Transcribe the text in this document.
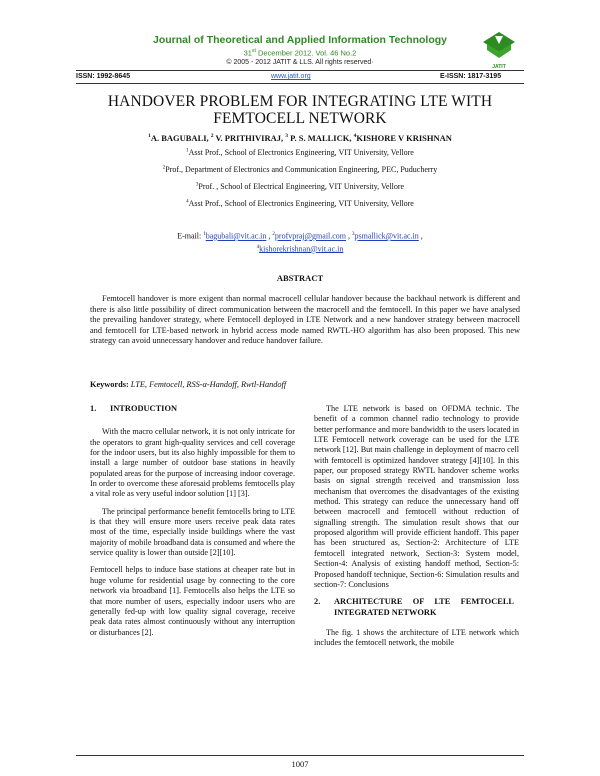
Journal of Theoretical and Applied Information Technology
31st December 2012. Vol. 46 No.2
© 2005 - 2012 JATIT & LLS. All rights reserved·
JATIT
ISSN: 1992-8645	www.jatit.org	E-ISSN: 1817-3195
HANDOVER PROBLEM FOR INTEGRATING LTE WITH
FEMTOCELL NETWORK
$^1$A. BAGUBALI, $^2$ V. PRITHIVIRAJ, $^3$ P. S. MALLICK, $^4$KISHORE V KRISHNAN
$^1$Asst Prof., School of Electronics Engineering, VIT University, Vellore
$^2$Prof., Department of Electronics and Communication Engineering, PEC, Puducherry
$^3$Prof. , School of Electrical Engineering, VIT University, Vellore
$^4$Asst Prof., School of Electronics Engineering, VIT University, Vellore
E-mail: $^1$bagubali@vit.ac.in , $^2$profvpraj@gmail.com , $^3$psmallick@vit.ac.in ,
$^4$kishorekrishnan@vit.ac.in
ABSTRACT
Femtocell handover is more exigent than normal macrocell cellular handover because the backhaul network is different and there is also little possibility of direct communication between the macrocell and the femtocell. In this paper we have analysed the prevailing handover strategy, where Femtocell deployed in LTE Network and a new handover strategy between macrocell and femtocell for LTE-based network in hybrid access mode named RWTL-HO algorithm has also been proposed. This new strategy can avoid unnecessary handover and reduce handover failure.
Keywords: LTE, Femtocell, RSS-α-Handoff, Rwtl-Handoff
1. INTRODUCTION

With the macro cellular network, it is not only intricate for the operators to grant high-quality services and cell coverage for the indoor users, but its also highly impossible for them to install a large number of outdoor base stations in heavily populated areas for the purpose of increasing indoor coverage. In order to overcome these aforesaid problems femtocells play a vital role as very useful indoor solution [1] [3].

The principal performance benefit femtocells bring to LTE is that they will ensure more users receive peak data rates most of the time, especially inside buildings where the vast majority of mobile broadband data is consumed and where the service quality is lower than outside [2][10].

Femtocell helps to induce base stations at cheaper rate but in huge volume for residential usage by connecting to the core network via broadband [1]. Femtocells also helps the LTE so that more number of users, especially indoor users who are generally fed-up with low quality signal coverage, receive peak data rates almost continuously without any interruption or disturbances [2].

The LTE network is based on OFDMA technic. The benefit of a common channel radio technology to provide better performance and more bandwidth to the users located in LTE Femtocell network coverage can be used for the LTE network [12]. But main challenge in deployment of macro cell with femtocell is optimized handover strategy [4][10]. In this paper, our proposed strategy RWTL handover scheme works basis on signal strength received and transmission loss mechanism that overcomes the disadvantages of the existing method. This strategy can reduce the unnecessary hand off between macrocell and femtocell without reduction of signalling strength. The simulation result shows that our proposed algorithm will provide efficient handoff. This paper has been structured as, Section-2: Architecture of LTE femtocell integrated network, Section-3: System model, Section-4: Analysis of existing handoff method, Section-5: Proposed handoff technique, Section-6: Simulation results and section-7: Conclusions

2. ARCHITECTURE OF LTE FEMTOCELL INTEGRATED NETWORK

The fig. 1 shows the architecture of LTE network which includes the femtocell network, the mobile

1007
